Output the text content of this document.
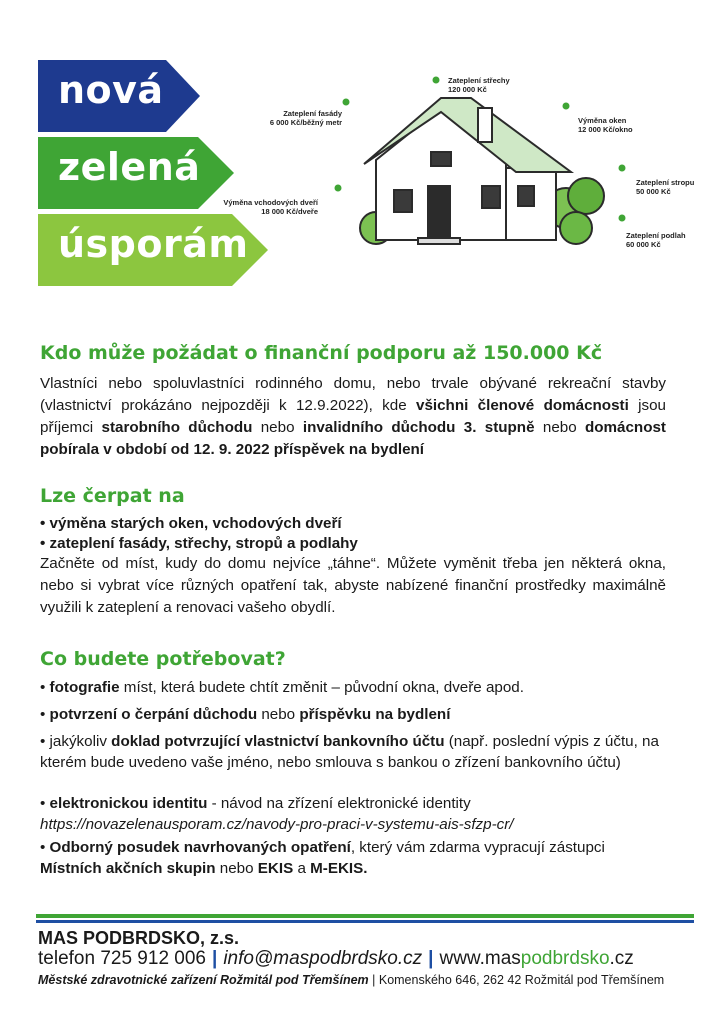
nová
zelená
úsporám
Zateplení střechy
120 000 Kč
Zateplení fasády
6 000 Kč/běžný metr	Výměna oken
12 000 Kč/okno
Zateplení stropu
50 000 Kč
Výměna vchodových dveří
18 000 Kč/dveře
Zateplení podlah
60 000 Kč
Kdo může požádat o finanční podporu až 150.000 Kč

Vlastníci nebo spoluvlastníci rodinného domu, nebo trvale obývané rekreační stavby (vlastnictví prokázáno nejpozději k 12.9.2022), kde všichni členové domácnosti jsou příjemci starobního důchodu nebo invalidního důchodu 3. stupně nebo domácnost pobírala v období od 12. 9. 2022 příspěvek na bydlení

Lze čerpat na
• výměna starých oken, vchodových dveří
• zateplení fasády, střechy, stropů a podlahy

Začněte od míst, kudy do domu nejvíce „táhne“. Můžete vyměnit třeba jen některá okna, nebo si vybrat více různých opatření tak, abyste nabízené finanční prostředky maximálně využili k zateplení a renovaci vašeho obydlí.

Co budete potřebovat?
• fotografie míst, která budete chtít změnit – původní okna, dveře apod.
• potvrzení o čerpání důchodu nebo příspěvku na bydlení
• jakýkoliv doklad potvrzující vlastnictví bankovního účtu (např. poslední výpis z účtu, na kterém bude uvedeno vaše jméno, nebo smlouva s bankou o zřízení bankovního účtu)
• elektronickou identitu - návod na zřízení elektronické identity
https://novazelenausporam.cz/navody-pro-praci-v-systemu-ais-sfzp-cr/
• Odborný posudek navrhovaných opatření, který vám zdarma vypracují zástupci Místních akčních skupin nebo EKIS a M-EKIS.
MAS PODBRDSKO, z.s.
telefon 725 912 006 | info@maspodbrdsko.cz | www.maspodbrdsko.cz
Městské zdravotnické zařízení Rožmitál pod Třemšínem | Komenského 646, 262 42 Rožmitál pod Třemšínem
